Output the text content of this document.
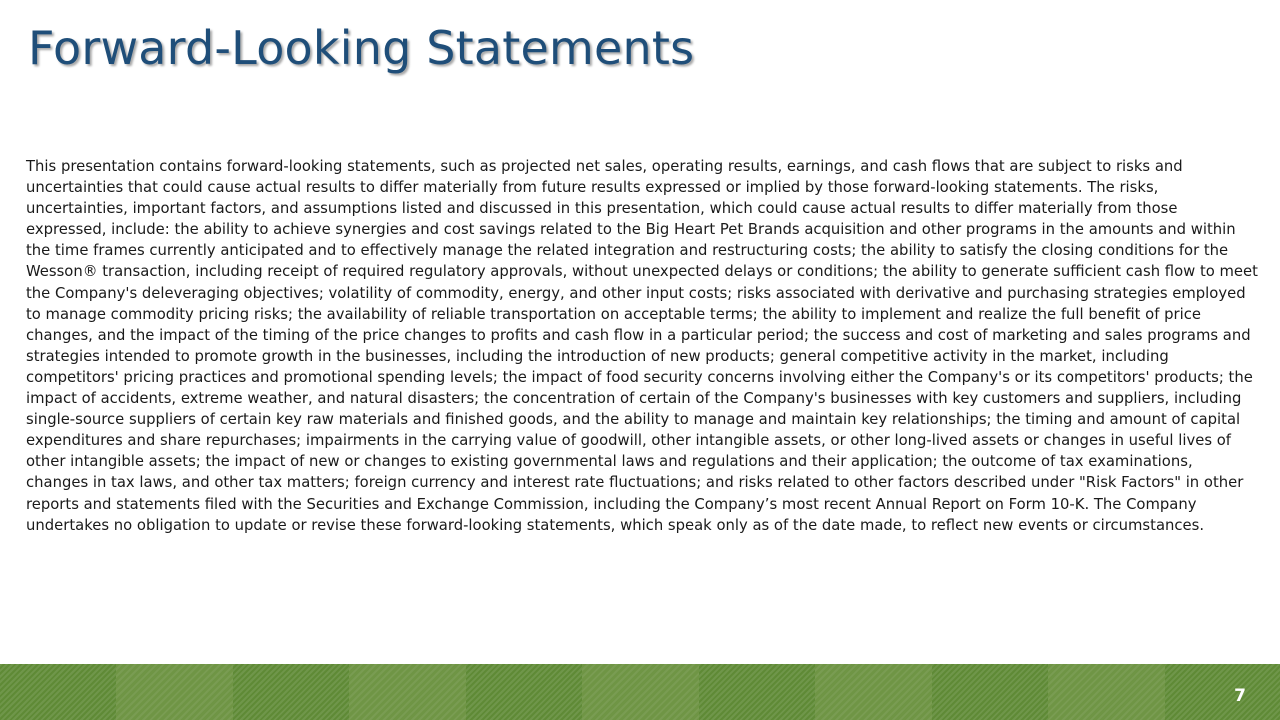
Forward-Looking Statements

This presentation contains forward-looking statements, such as projected net sales, operating results, earnings, and cash flows that are subject to risks and uncertainties that could cause actual results to differ materially from future results expressed or implied by those forward-looking statements. The risks, uncertainties, important factors, and assumptions listed and discussed in this presentation, which could cause actual results to differ materially from those expressed, include: the ability to achieve synergies and cost savings related to the Big Heart Pet Brands acquisition and other programs in the amounts and within the time frames currently anticipated and to effectively manage the related integration and restructuring costs; the ability to satisfy the closing conditions for the Wesson® transaction, including receipt of required regulatory approvals, without unexpected delays or conditions; the ability to generate sufficient cash flow to meet the Company's deleveraging objectives; volatility of commodity, energy, and other input costs; risks associated with derivative and purchasing strategies employed to manage commodity pricing risks; the availability of reliable transportation on acceptable terms; the ability to implement and realize the full benefit of price changes, and the impact of the timing of the price changes to profits and cash flow in a particular period; the success and cost of marketing and sales programs and strategies intended to promote growth in the businesses, including the introduction of new products; general competitive activity in the market, including competitors' pricing practices and promotional spending levels; the impact of food security concerns involving either the Company's or its competitors' products; the impact of accidents, extreme weather, and natural disasters; the concentration of certain of the Company's businesses with key customers and suppliers, including single-source suppliers of certain key raw materials and finished goods, and the ability to manage and maintain key relationships; the timing and amount of capital expenditures and share repurchases; impairments in the carrying value of goodwill, other intangible assets, or other long-lived assets or changes in useful lives of other intangible assets; the impact of new or changes to existing governmental laws and regulations and their application; the outcome of tax examinations, changes in tax laws, and other tax matters; foreign currency and interest rate fluctuations; and risks related to other factors described under "Risk Factors" in other reports and statements filed with the Securities and Exchange Commission, including the Company’s most recent Annual Report on Form 10-K. The Company undertakes no obligation to update or revise these forward-looking statements, which speak only as of the date made, to reflect new events or circumstances.

7
